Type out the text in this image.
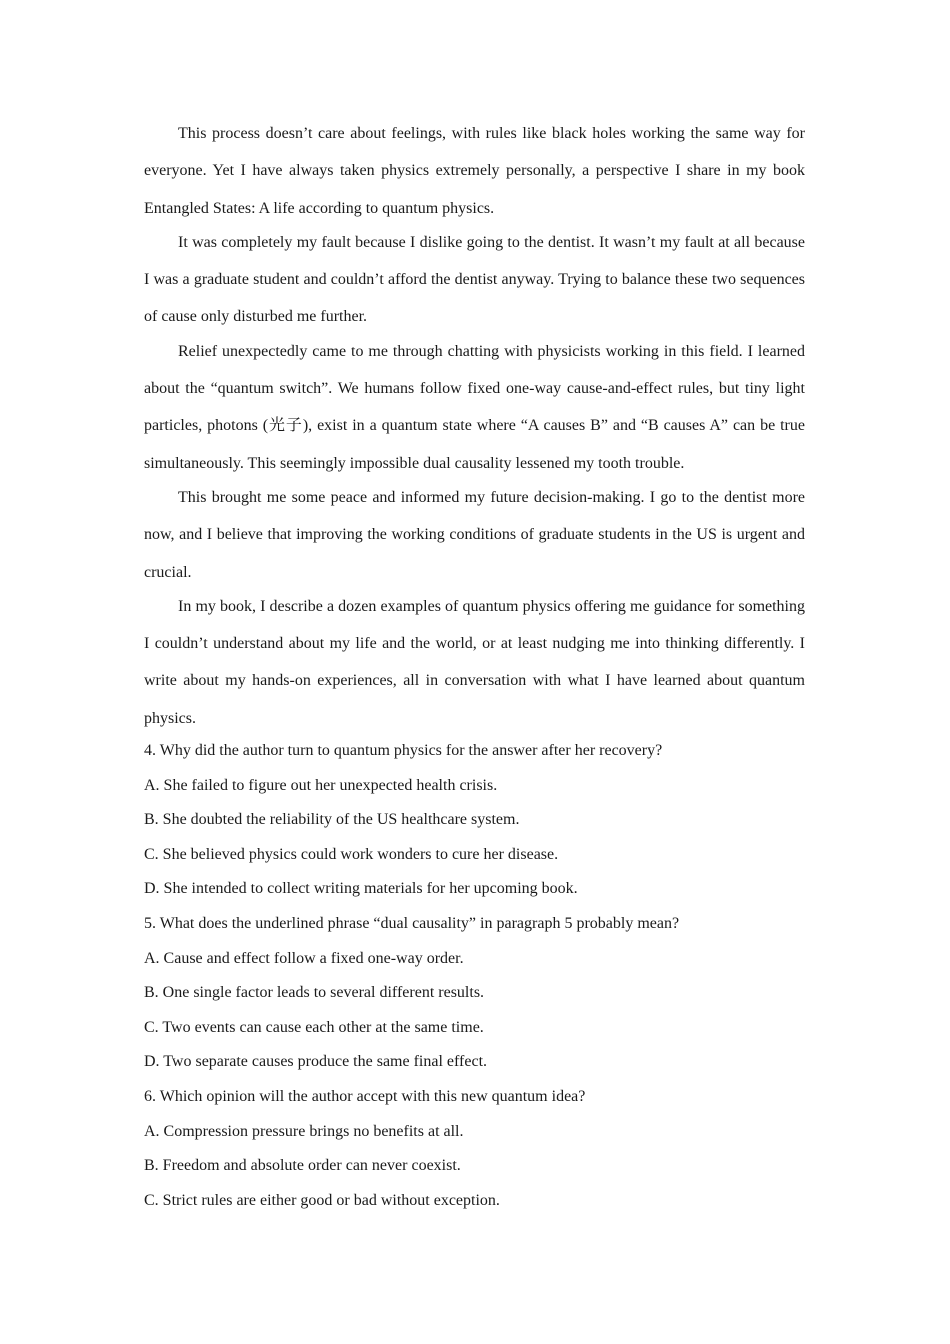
This process doesn’t care about feelings, with rules like black holes working the same way for everyone. Yet I have always taken physics extremely personally, a perspective I share in my book Entangled States: A life according to quantum physics.

It was completely my fault because I dislike going to the dentist. It wasn’t my fault at all because I was a graduate student and couldn’t afford the dentist anyway. Trying to balance these two sequences of cause only disturbed me further.

Relief unexpectedly came to me through chatting with physicists working in this field. I learned about the “quantum switch”. We humans follow fixed one-way cause-and-effect rules, but tiny light particles, photons (光子), exist in a quantum state where “A causes B” and “B causes A” can be true simultaneously. This seemingly impossible dual causality lessened my tooth trouble.

This brought me some peace and informed my future decision-making. I go to the dentist more now, and I believe that improving the working conditions of graduate students in the US is urgent and crucial.

In my book, I describe a dozen examples of quantum physics offering me guidance for something I couldn’t understand about my life and the world, or at least nudging me into thinking differently. I write about my hands-on experiences, all in conversation with what I have learned about quantum physics.

4. Why did the author turn to quantum physics for the answer after her recovery?

A. She failed to figure out her unexpected health crisis.

B. She doubted the reliability of the US healthcare system.

C. She believed physics could work wonders to cure her disease.

D. She intended to collect writing materials for her upcoming book.

5. What does the underlined phrase “dual causality” in paragraph 5 probably mean?

A. Cause and effect follow a fixed one-way order.

B. One single factor leads to several different results.

C. Two events can cause each other at the same time.

D. Two separate causes produce the same final effect.

6. Which opinion will the author accept with this new quantum idea?

A. Compression pressure brings no benefits at all.

B. Freedom and absolute order can never coexist.

C. Strict rules are either good or bad without exception.
